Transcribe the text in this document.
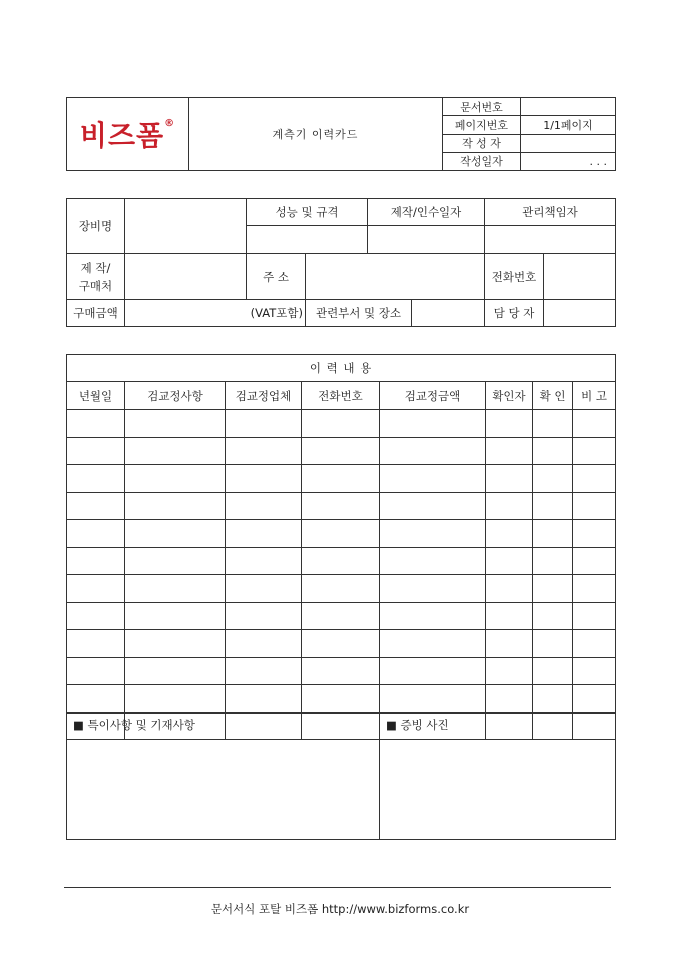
비즈폼®	계측기 이력카드	문서번호	
		페이지번호	1/1페이지
		작 성 자	
		작성일자	. . .
장비명		성능 및 규격		제작/인수일자		관리책임자	

제 작/
구매처		주 소				전화번호	
구매금액	(VAT포함)		관련부서 및 장소			담 당 자	
이 력 내 용							
년월일	검교정사항	검교정업체	전화번호	검교정금액	확인자	확 인	비 고

■ 특이사항 및 기재사항	■ 증빙 사진
문서서식 포탈 비즈폼 http://www.bizforms.co.kr
